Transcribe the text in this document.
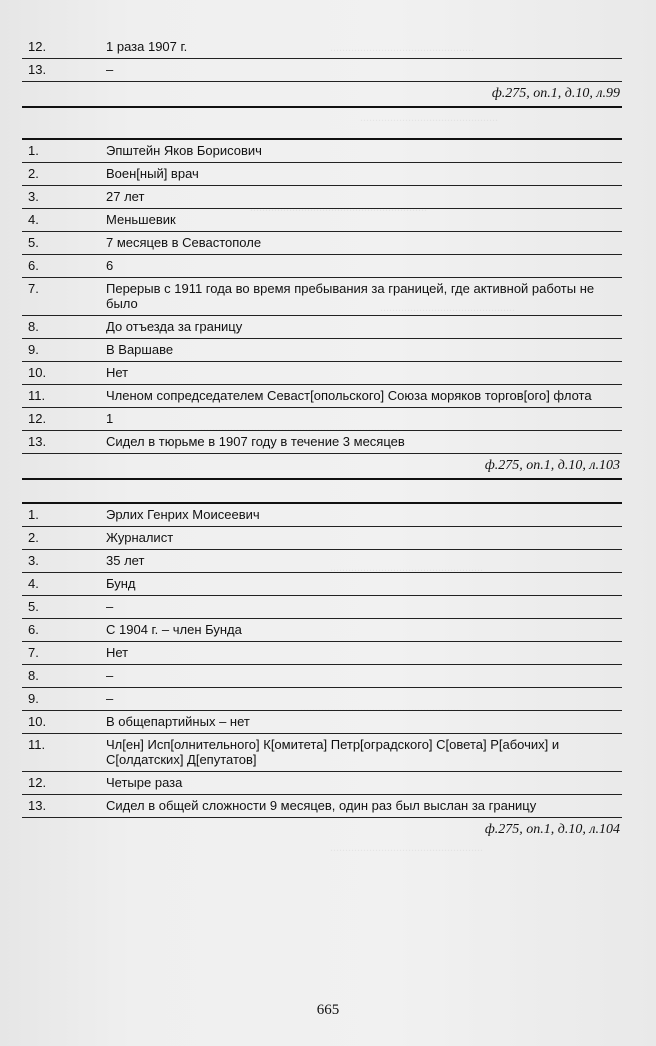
................................................
..............................................
...........................................................
.............................................
..................................................................
...................................................
......................................................
...................................................
12.	1 раза 1907 г.
13.	–
ф.275, оп.1, д.10, л.99
1.	Эпштейн Яков Борисович
2.	Воен[ный] врач
3.	27 лет
4.	Меньшевик
5.	7 месяцев в Севастополе
6.	6
7.	Перерыв с 1911 года во время пребывания за границей, где активной работы не было
8.	До отъезда за границу
9.	В Варшаве
10.	Нет
11.	Членом сопредседателем Севаст[опольского] Союза моряков торгов[ого] флота
12.	1
13.	Сидел в тюрьме в 1907 году в течение 3 месяцев
ф.275, оп.1, д.10, л.103
1.	Эрлих Генрих Моисеевич
2.	Журналист
3.	35 лет
4.	Бунд
5.	–
6.	С 1904 г. – член Бунда
7.	Нет
8.	–
9.	–
10.	В общепартийных – нет
11.	Чл[ен] Исп[олнительного] К[омитета] Петр[оградского] С[овета] Р[абочих] и С[олдатских] Д[епутатов]
12.	Четыре раза
13.	Сидел в общей сложности 9 месяцев, один раз был выслан за границу
ф.275, оп.1, д.10, л.104
665
